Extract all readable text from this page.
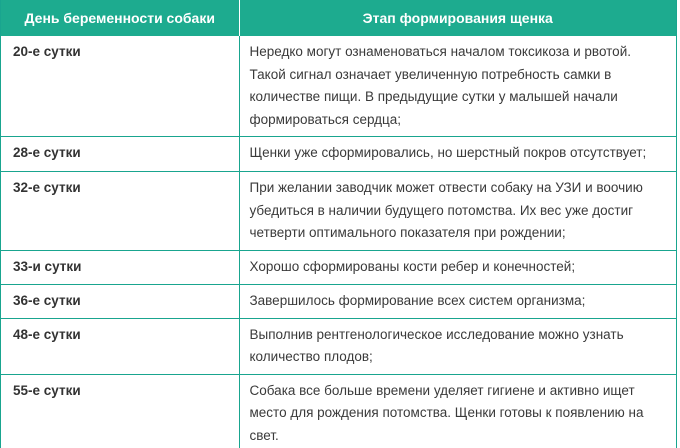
День беременности собаки	Этап формирования щенка
20-е сутки	Нередко могут ознаменоваться началом токсикоза и рвотой. Такой сигнал означает увеличенную потребность самки в количестве пищи. В предыдущие сутки у малышей начали формироваться сердца;
28-е сутки	Щенки уже сформировались, но шерстный покров отсутствует;
32-е сутки	При желании заводчик может отвести собаку на УЗИ и воочию убедиться в наличии будущего потомства. Их вес уже достиг четверти оптимального показателя при рождении;
33-и сутки	Хорошо сформированы кости ребер и конечностей;
36-е сутки	Завершилось формирование всех систем организма;
48-е сутки	Выполнив рентгенологическое исследование можно узнать количество плодов;
55-е сутки	Собака все больше времени уделяет гигиене и активно ищет место для рождения потомства. Щенки готовы к появлению на свет.
